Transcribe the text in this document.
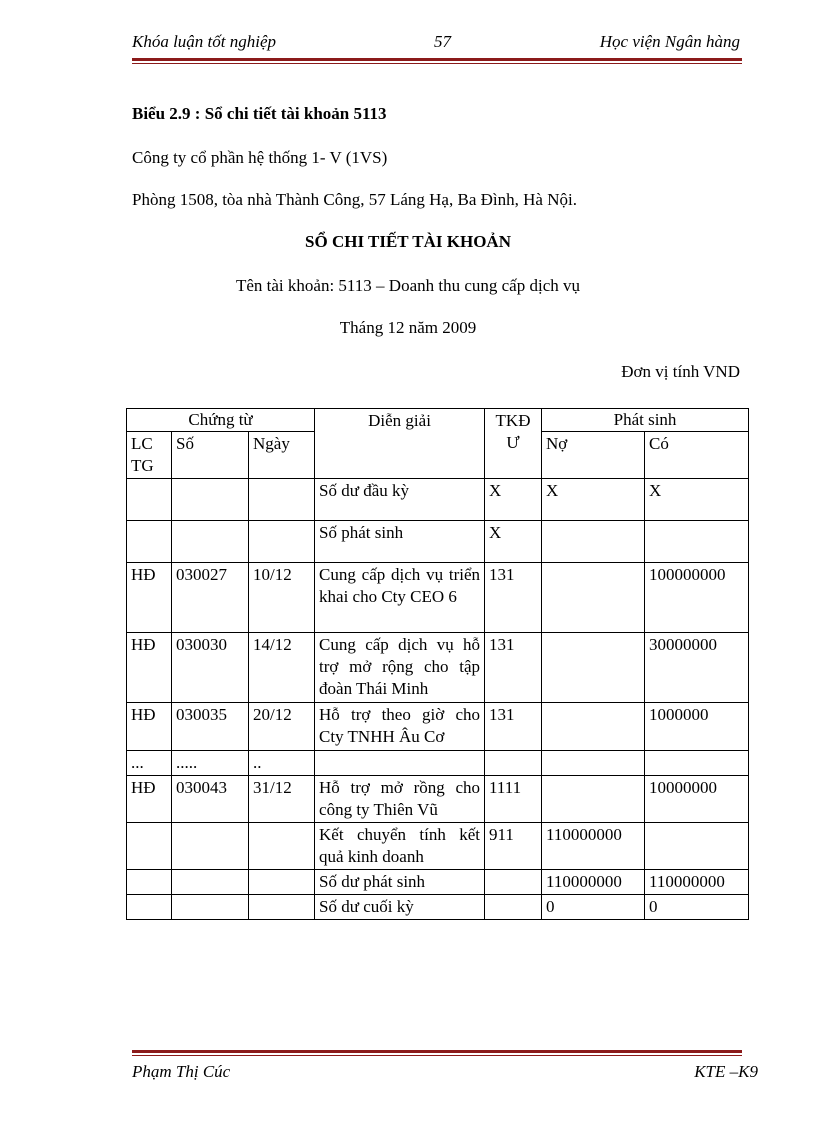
Khóa luận tốt nghiệp	57	Học viện Ngân hàng
Biểu 2.9 : Sổ chi tiết tài khoản 5113
Công ty cổ phần hệ thống 1- V (1VS)
Phòng 1508, tòa nhà Thành Công, 57 Láng Hạ, Ba Đình, Hà Nội.
SỔ CHI TIẾT TÀI KHOẢN
Tên tài khoản: 5113 – Doanh thu cung cấp dịch vụ
Tháng 12 năm 2009
Đơn vị tính VND
Chứng từ			Diễn giải	TKĐ Ư	Phát sinh	
LC TG	Số	Ngày			Nợ	Có
			Số dư đầu kỳ	X	X	X
			Số phát sinh	X		
HĐ	030027	10/12	Cung cấp dịch vụ triển khai cho Cty CEO 6	131		100000000
HĐ	030030	14/12	Cung cấp dịch vụ hỗ trợ mở rộng cho tập đoàn Thái Minh	131		30000000
HĐ	030035	20/12	Hỗ trợ theo giờ cho Cty TNHH Âu Cơ	131		1000000
...	.....	..				
HĐ	030043	31/12	Hỗ trợ mở rồng cho công ty Thiên Vũ	1111		10000000
			Kết chuyển tính kết quả kinh doanh	911	110000000	
			Số dư phát sinh		110000000	110000000
			Số dư cuối kỳ		0	0
Phạm Thị Cúc	KTE –K9
